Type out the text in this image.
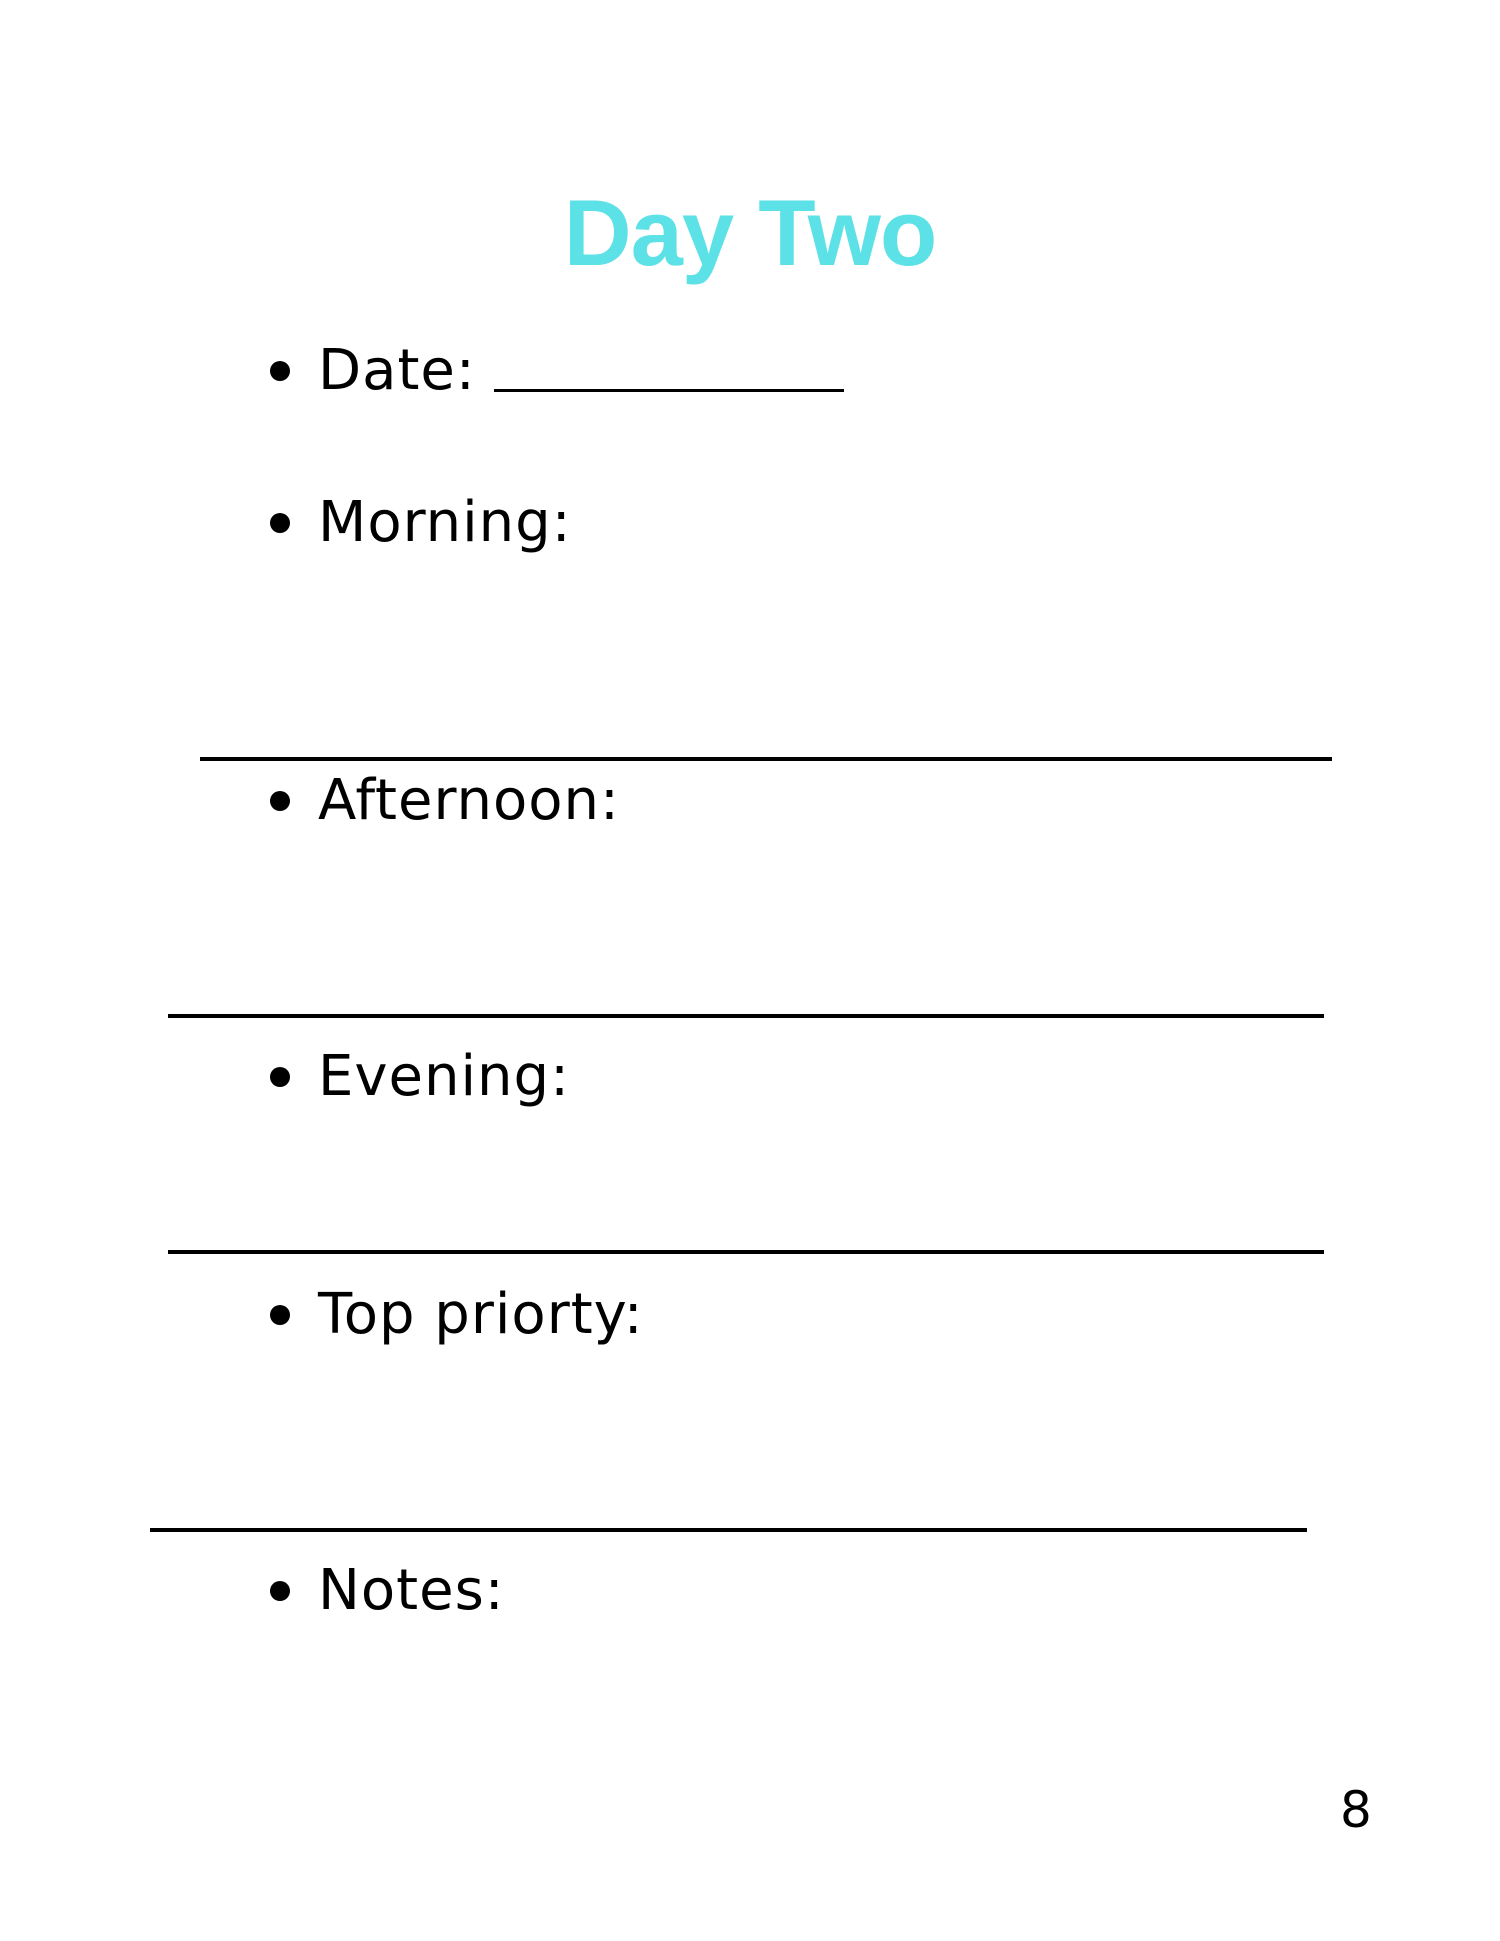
Day Two
Date:
Morning:
Afternoon:
Evening:
Top priorty:
Notes:
8
